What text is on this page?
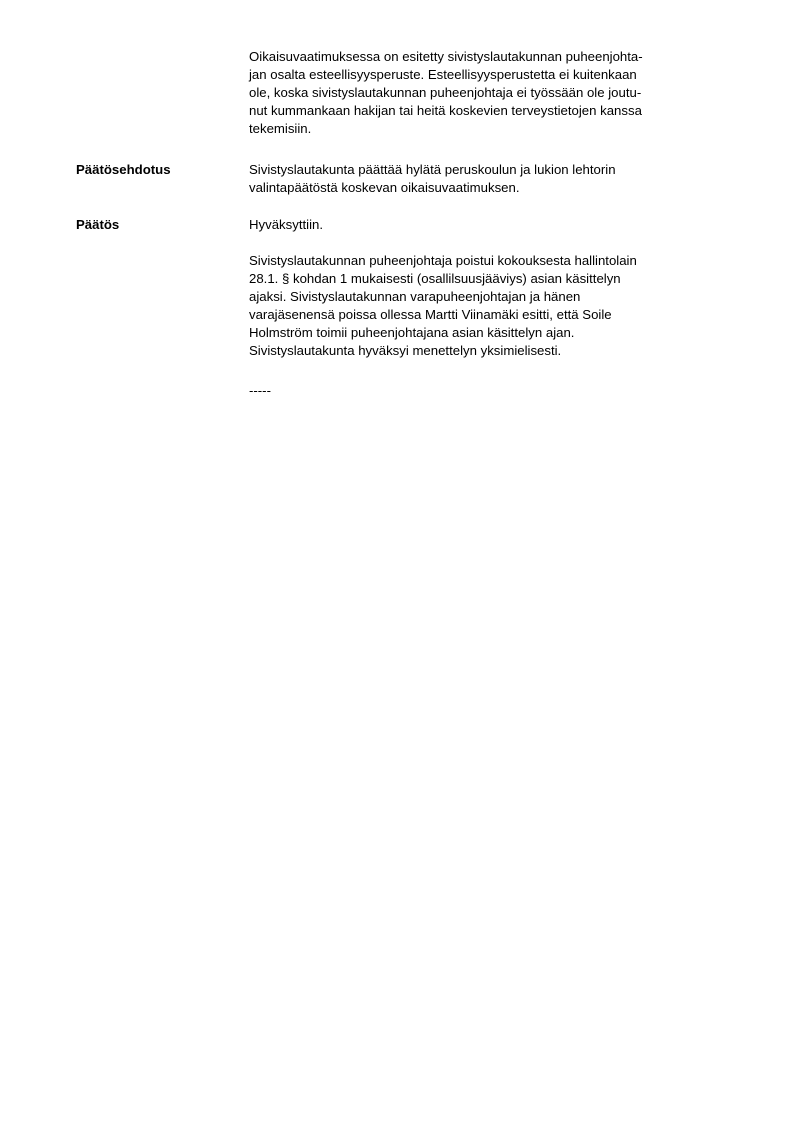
Oikaisuvaatimuksessa on esitetty sivistyslautakunnan puheenjohta-
jan osalta esteellisyysperuste. Esteellisyysperustetta ei kuitenkaan
ole, koska sivistyslautakunnan puheenjohtaja ei työssään ole joutu-
nut kummankaan hakijan tai heitä koskevien terveystietojen kanssa
tekemisiin.

Päätösehdotus	Sivistyslautakunta päättää hylätä peruskoulun ja lukion lehtorin
valintapäätöstä koskevan oikaisuvaatimuksen.

Päätös	Hyväksyttiin.

Sivistyslautakunnan puheenjohtaja poistui kokouksesta hallintolain
28.1. § kohdan 1 mukaisesti (osallilsuusjääviys) asian käsittelyn
ajaksi. Sivistyslautakunnan varapuheenjohtajan ja hänen
varajäsenensä poissa ollessa Martti Viinamäki esitti, että Soile
Holmström toimii puheenjohtajana asian käsittelyn ajan.
Sivistyslautakunta hyväksyi menettelyn yksimielisesti.

-----
